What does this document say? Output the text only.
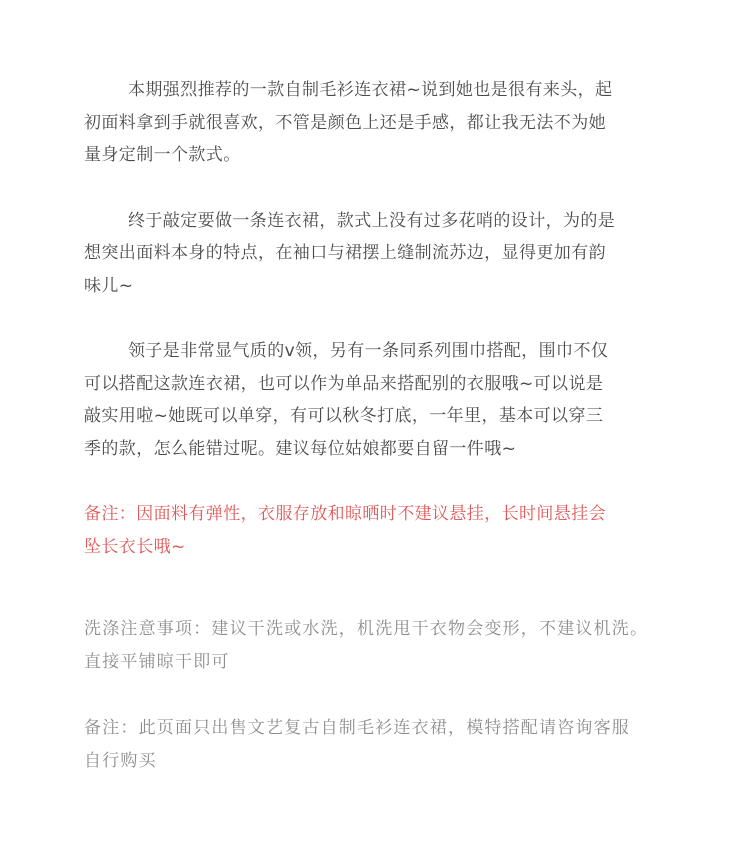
本期强烈推荐的一款自制毛衫连衣裙~说到她也是很有来头，起
初面料拿到手就很喜欢，不管是颜色上还是手感，都让我无法不为她
量身定制一个款式。

终于敲定要做一条连衣裙，款式上没有过多花哨的设计，为的是
想突出面料本身的特点，在袖口与裙摆上缝制流苏边，显得更加有韵
味儿~

领子是非常显气质的v领，另有一条同系列围巾搭配，围巾不仅
可以搭配这款连衣裙，也可以作为单品来搭配别的衣服哦~可以说是
敲实用啦~她既可以单穿，有可以秋冬打底，一年里，基本可以穿三
季的款，怎么能错过呢。建议每位姑娘都要自留一件哦~

备注：因面料有弹性，衣服存放和晾晒时不建议悬挂，长时间悬挂会
坠长衣长哦~

洗涤注意事项：建议干洗或水洗，机洗甩干衣物会变形，不建议机洗。
直接平铺晾干即可

备注：此页面只出售文艺复古自制毛衫连衣裙，模特搭配请咨询客服
自行购买
